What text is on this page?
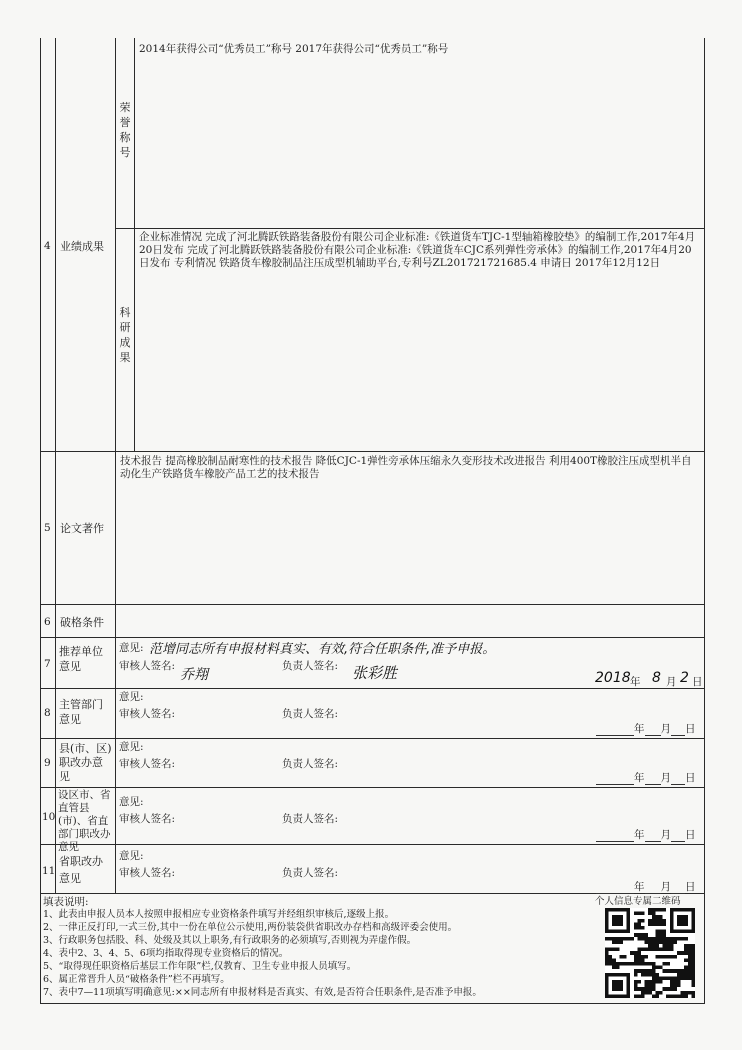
4 业绩成果
荣誉称号
2014年获得公司“优秀员工”称号 2017年获得公司“优秀员工”称号
科研成果
企业标准情况 完成了河北腾跃铁路装备股份有限公司企业标准:《铁道货车TJC-1型轴箱橡胶垫》的编制工作,2017年4月20日发布 完成了河北腾跃铁路装备股份有限公司企业标准:《铁道货车CJC系列弹性旁承体》的编制工作,2017年4月20日发布 专利情况 铁路货车橡胶制品注压成型机辅助平台,专利号ZL201721721685.4 申请日 2017年12月12日
5 论文著作
技术报告 提高橡胶制品耐寒性的技术报告 降低CJC-1弹性旁承体压缩永久变形技术改进报告 利用400T橡胶注压成型机半自动化生产铁路货车橡胶产品工艺的技术报告
6 破格条件
7
推荐单位意见
意见: 范增同志所有申报材料真实、有效,符合任职条件,准予申报。
审核人签名:
乔翔
负责人签名: 张彩胜	2018 年 8 月 2 日
8
主管部门意见
意见:
审核人签名:	负责人签名:
年 月 日
9
县(市、区)职改办意见
意见:
审核人签名:	负责人签名:
年 月 日
10
设区市、省直管县(市)、省直部门职改办意见
意见:
审核人签名:	负责人签名:
年 月 日
11
省职改办意见
意见:
审核人签名:	负责人签名:
年 月 日
填表说明:
1、此表由申报人员本人按照申报相应专业资格条件填写并经组织审核后,逐级上报。
2、一律正反打印,一式三份,其中一份在单位公示使用,两份装袋供省职改办存档和高级评委会使用。
3、行政职务包括股、科、处级及其以上职务,有行政职务的必须填写,否则视为弄虚作假。
4、表中2、3、4、5、6项均指取得现专业资格后的情况。
5、“取得现任职资格后基层工作年限”栏,仅教育、卫生专业申报人员填写。
6、属正常晋升人员“破格条件”栏不再填写。
7、表中7—11项填写明确意见:××同志所有申报材料是否真实、有效,是否符合任职条件,是否准予申报。
个人信息专属二维码
